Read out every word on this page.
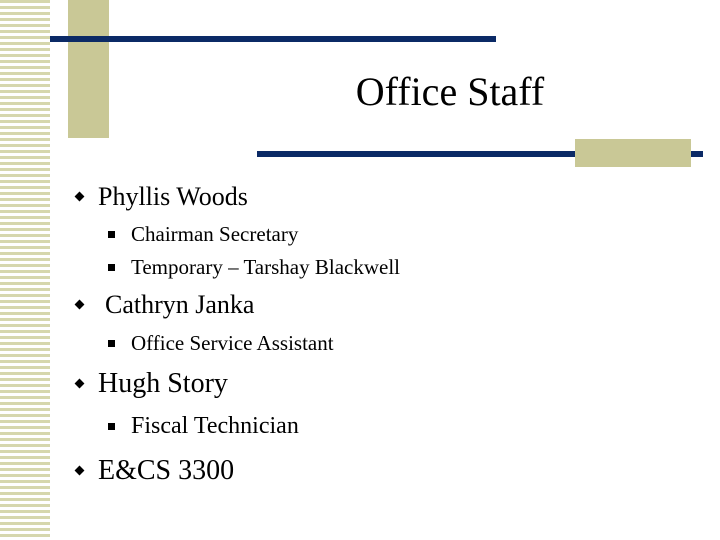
Office Staff
Phyllis Woods
Chairman Secretary
Temporary – Tarshay Blackwell
Cathryn Janka
Office Service Assistant
Hugh Story
Fiscal Technician
E&CS 3300
